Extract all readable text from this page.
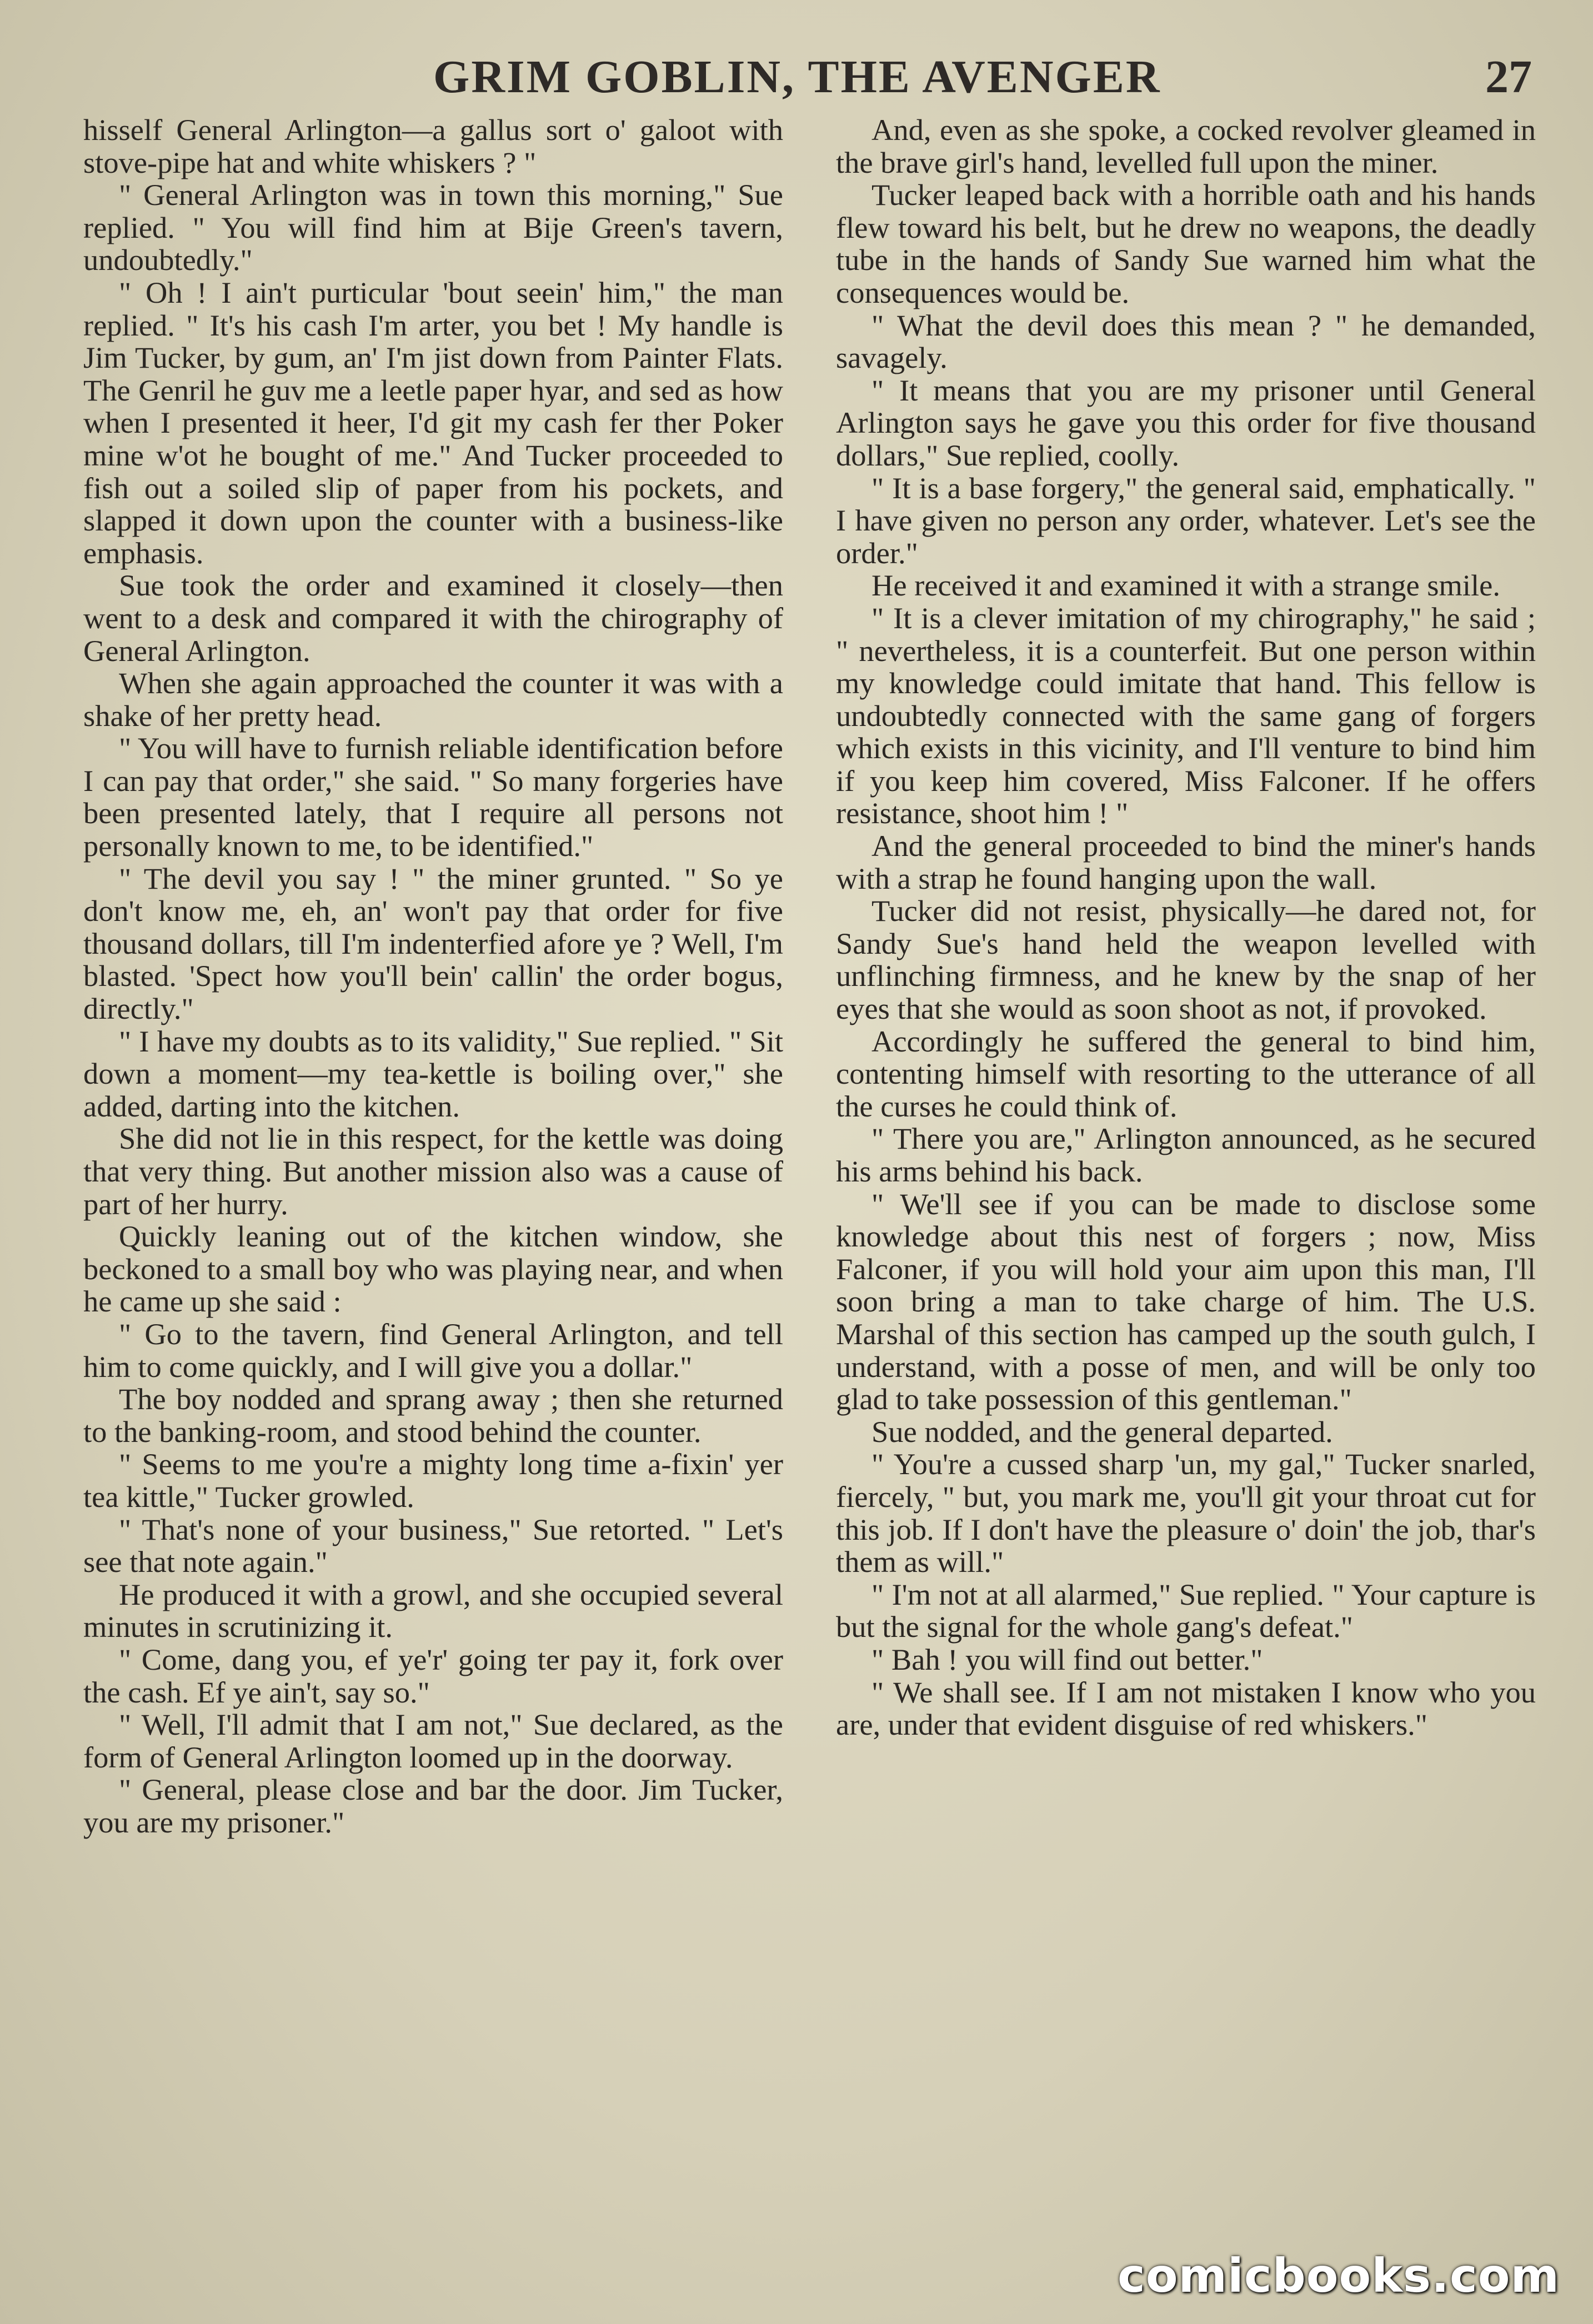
GRIM GOBLIN, THE AVENGER	27

hisself General Arlington—a gallus sort o' galoot with stove-pipe hat and white whiskers ? "

" General Arlington was in town this morning," Sue replied. " You will find him at Bije Green's tavern, undoubtedly."

" Oh ! I ain't purticular 'bout seein' him," the man replied. " It's his cash I'm arter, you bet ! My handle is Jim Tucker, by gum, an' I'm jist down from Painter Flats. The Genril he guv me a leetle paper hyar, and sed as how when I presented it heer, I'd git my cash fer ther Poker mine w'ot he bought of me." And Tucker proceeded to fish out a soiled slip of paper from his pockets, and slapped it down upon the counter with a business-like emphasis.

Sue took the order and examined it closely—then went to a desk and compared it with the chirography of General Arlington.

When she again approached the counter it was with a shake of her pretty head.

" You will have to furnish reliable identification before I can pay that order," she said. " So many forgeries have been presented lately, that I require all persons not personally known to me, to be identified."

" The devil you say ! " the miner grunted. " So ye don't know me, eh, an' won't pay that order for five thousand dollars, till I'm indenterfied afore ye ? Well, I'm blasted. 'Spect how you'll bein' callin' the order bogus, directly."

" I have my doubts as to its validity," Sue replied. " Sit down a moment—my tea-kettle is boiling over," she added, darting into the kitchen.

She did not lie in this respect, for the kettle was doing that very thing. But another mission also was a cause of part of her hurry.

Quickly leaning out of the kitchen window, she beckoned to a small boy who was playing near, and when he came up she said :

" Go to the tavern, find General Arlington, and tell him to come quickly, and I will give you a dollar."

The boy nodded and sprang away ; then she returned to the banking-room, and stood behind the counter.

" Seems to me you're a mighty long time a-fixin' yer tea kittle," Tucker growled.

" That's none of your business," Sue retorted. " Let's see that note again."

He produced it with a growl, and she occupied several minutes in scrutinizing it.

" Come, dang you, ef ye'r' going ter pay it, fork over the cash. Ef ye ain't, say so."

" Well, I'll admit that I am not," Sue declared, as the form of General Arlington loomed up in the doorway.

" General, please close and bar the door. Jim Tucker, you are my prisoner."

And, even as she spoke, a cocked revolver gleamed in the brave girl's hand, levelled full upon the miner.

Tucker leaped back with a horrible oath and his hands flew toward his belt, but he drew no weapons, the deadly tube in the hands of Sandy Sue warned him what the consequences would be.

" What the devil does this mean ? " he demanded, savagely.

" It means that you are my prisoner until General Arlington says he gave you this order for five thousand dollars," Sue replied, coolly.

" It is a base forgery," the general said, emphatically. " I have given no person any order, whatever. Let's see the order."

He received it and examined it with a strange smile.

" It is a clever imitation of my chirography," he said ; " nevertheless, it is a counterfeit. But one person within my knowledge could imitate that hand. This fellow is undoubtedly connected with the same gang of forgers which exists in this vicinity, and I'll venture to bind him if you keep him covered, Miss Falconer. If he offers resistance, shoot him ! "

And the general proceeded to bind the miner's hands with a strap he found hanging upon the wall.

Tucker did not resist, physically—he dared not, for Sandy Sue's hand held the weapon levelled with unflinching firmness, and he knew by the snap of her eyes that she would as soon shoot as not, if provoked.

Accordingly he suffered the general to bind him, contenting himself with resorting to the utterance of all the curses he could think of.

" There you are," Arlington announced, as he secured his arms behind his back.

" We'll see if you can be made to disclose some knowledge about this nest of forgers ; now, Miss Falconer, if you will hold your aim upon this man, I'll soon bring a man to take charge of him. The U.S. Marshal of this section has camped up the south gulch, I understand, with a posse of men, and will be only too glad to take possession of this gentleman."

Sue nodded, and the general departed.

" You're a cussed sharp 'un, my gal," Tucker snarled, fiercely, " but, you mark me, you'll git your throat cut for this job. If I don't have the pleasure o' doin' the job, thar's them as will."

" I'm not at all alarmed," Sue replied. " Your capture is but the signal for the whole gang's defeat."

" Bah ! you will find out better."

" We shall see. If I am not mistaken I know who you are, under that evident disguise of red whiskers."

comicbooks.com
